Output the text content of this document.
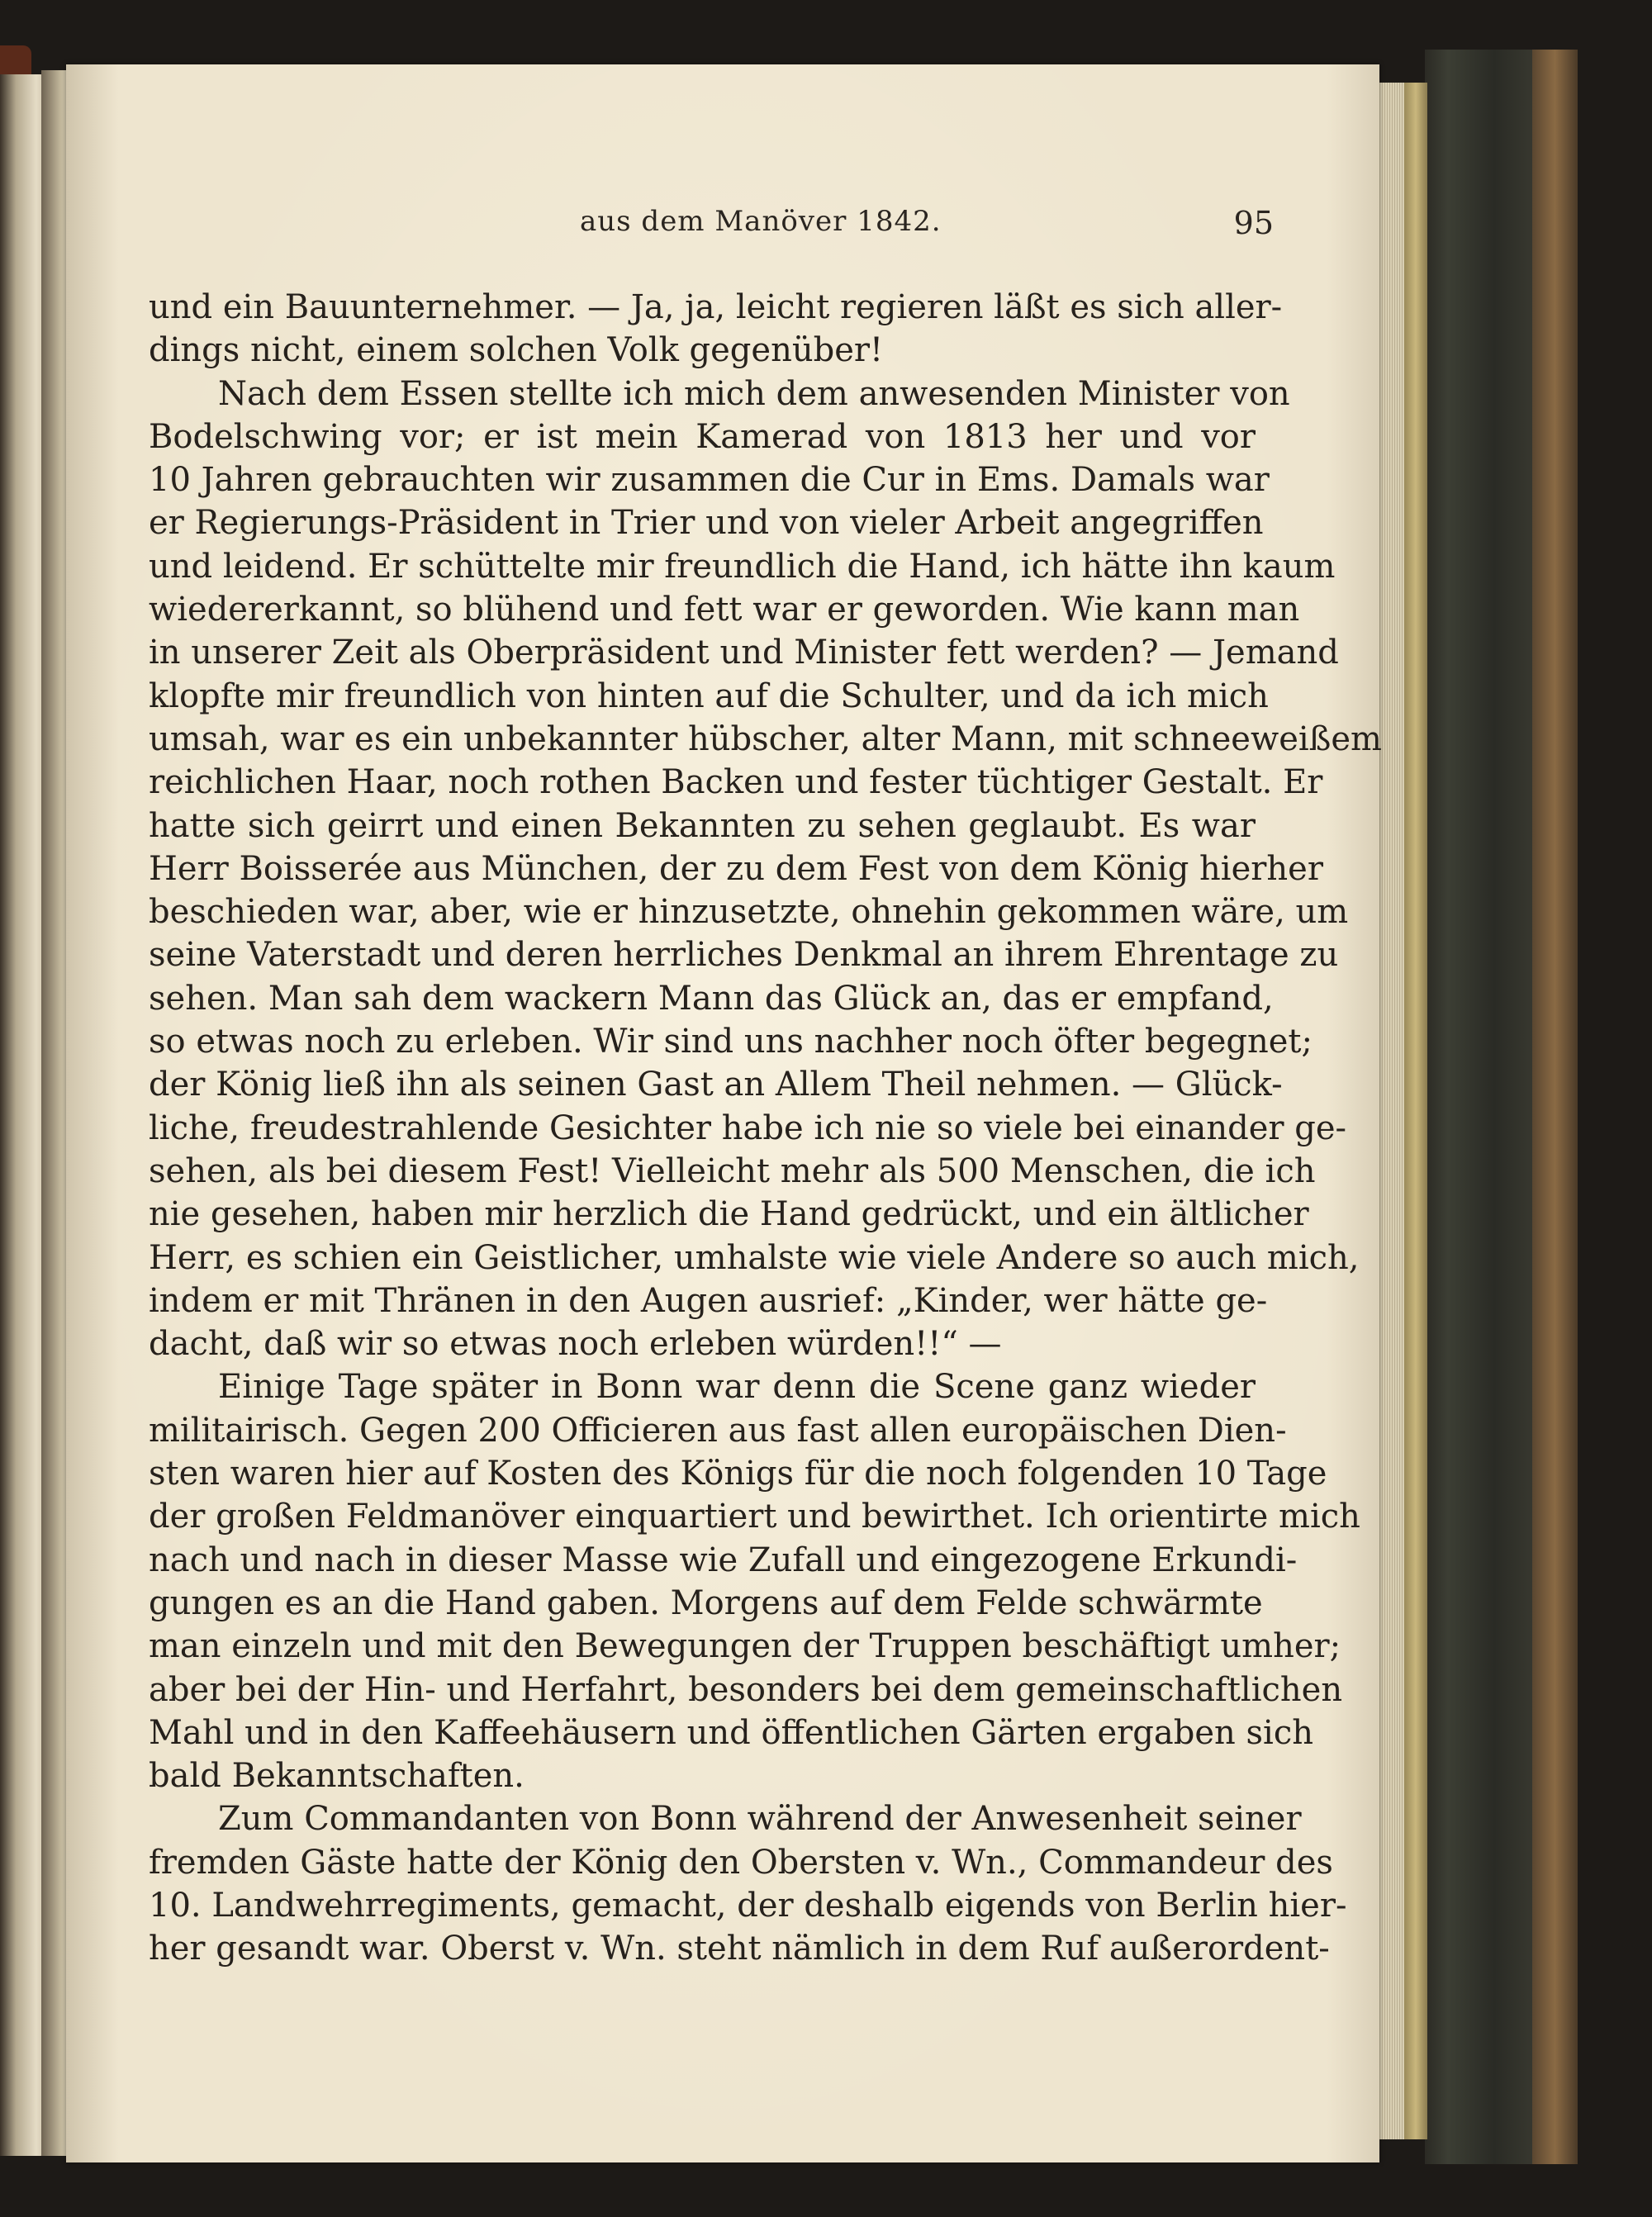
aus dem Manöver 1842.	95
und ein Bauunternehmer. — Ja, ja, leicht regieren läßt es sich aller-
dings nicht, einem solchen Volk gegenüber!
Nach dem Essen stellte ich mich dem anwesenden Minister von
Bodelschwing vor; er ist mein Kamerad von 1813 her und vor
10 Jahren gebrauchten wir zusammen die Cur in Ems. Damals war
er Regierungs-Präsident in Trier und von vieler Arbeit angegriffen
und leidend. Er schüttelte mir freundlich die Hand, ich hätte ihn kaum
wiedererkannt, so blühend und fett war er geworden. Wie kann man
in unserer Zeit als Oberpräsident und Minister fett werden? — Jemand
klopfte mir freundlich von hinten auf die Schulter, und da ich mich
umsah, war es ein unbekannter hübscher, alter Mann, mit schneeweißem
reichlichen Haar, noch rothen Backen und fester tüchtiger Gestalt. Er
hatte sich geirrt und einen Bekannten zu sehen geglaubt. Es war
Herr Boisserée aus München, der zu dem Fest von dem König hierher
beschieden war, aber, wie er hinzusetzte, ohnehin gekommen wäre, um
seine Vaterstadt und deren herrliches Denkmal an ihrem Ehrentage zu
sehen. Man sah dem wackern Mann das Glück an, das er empfand,
so etwas noch zu erleben. Wir sind uns nachher noch öfter begegnet;
der König ließ ihn als seinen Gast an Allem Theil nehmen. — Glück-
liche, freudestrahlende Gesichter habe ich nie so viele bei einander ge-
sehen, als bei diesem Fest! Vielleicht mehr als 500 Menschen, die ich
nie gesehen, haben mir herzlich die Hand gedrückt, und ein ältlicher
Herr, es schien ein Geistlicher, umhalste wie viele Andere so auch mich,
indem er mit Thränen in den Augen ausrief: „Kinder, wer hätte ge-
dacht, daß wir so etwas noch erleben würden!!“ —
Einige Tage später in Bonn war denn die Scene ganz wieder
militairisch. Gegen 200 Officieren aus fast allen europäischen Dien-
sten waren hier auf Kosten des Königs für die noch folgenden 10 Tage
der großen Feldmanöver einquartiert und bewirthet. Ich orientirte mich
nach und nach in dieser Masse wie Zufall und eingezogene Erkundi-
gungen es an die Hand gaben. Morgens auf dem Felde schwärmte
man einzeln und mit den Bewegungen der Truppen beschäftigt umher;
aber bei der Hin- und Herfahrt, besonders bei dem gemeinschaftlichen
Mahl und in den Kaffeehäusern und öffentlichen Gärten ergaben sich
bald Bekanntschaften.
Zum Commandanten von Bonn während der Anwesenheit seiner
fremden Gäste hatte der König den Obersten v. Wn., Commandeur des
10. Landwehrregiments, gemacht, der deshalb eigends von Berlin hier-
her gesandt war. Oberst v. Wn. steht nämlich in dem Ruf außerordent-
